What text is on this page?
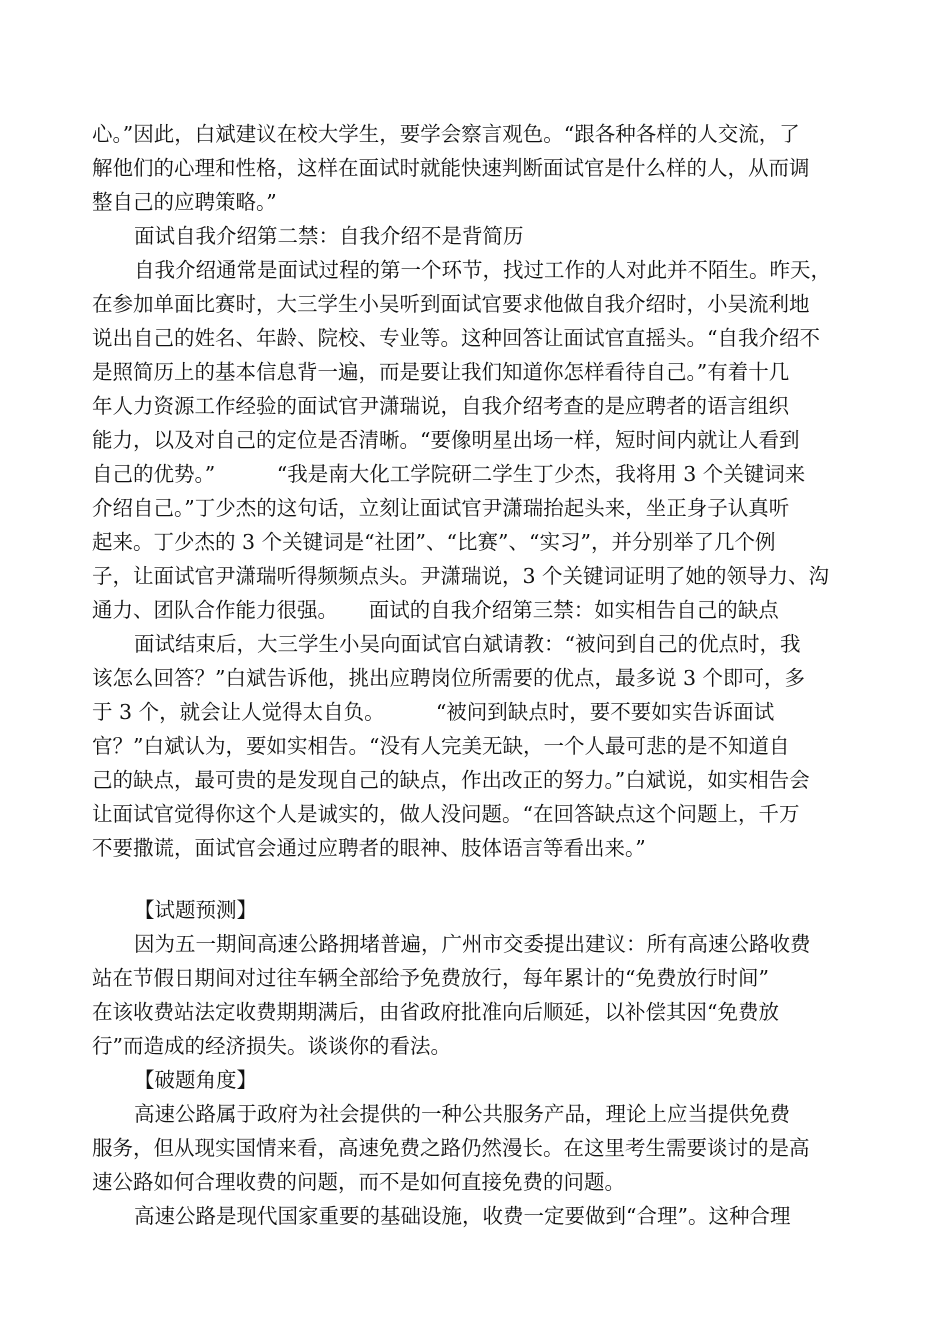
心。”因此，白斌建议在校大学生，要学会察言观色。“跟各种各样的人交流，了
解他们的心理和性格，这样在面试时就能快速判断面试官是什么样的人，从而调
整自己的应聘策略。”
面试自我介绍第二禁：自我介绍不是背简历
自我介绍通常是面试过程的第一个环节，找过工作的人对此并不陌生。昨天，
在参加单面比赛时，大三学生小吴听到面试官要求他做自我介绍时，小吴流利地
说出自己的姓名、年龄、院校、专业等。这种回答让面试官直摇头。“自我介绍不
是照简历上的基本信息背一遍，而是要让我们知道你怎样看待自己。”有着十几
年人力资源工作经验的面试官尹潇瑞说，自我介绍考查的是应聘者的语言组织
能力，以及对自己的定位是否清晰。“要像明星出场一样，短时间内就让人看到
自己的优势。”　　　“我是南大化工学院研二学生丁少杰，我将用 3 个关键词来
介绍自己。”丁少杰的这句话，立刻让面试官尹潇瑞抬起头来，坐正身子认真听
起来。丁少杰的 3 个关键词是“社团”、“比赛”、“实习”，并分别举了几个例
子，让面试官尹潇瑞听得频频点头。尹潇瑞说，3 个关键词证明了她的领导力、沟
通力、团队合作能力很强。　　面试的自我介绍第三禁：如实相告自己的缺点
面试结束后，大三学生小吴向面试官白斌请教：“被问到自己的优点时，我
该怎么回答？”白斌告诉他，挑出应聘岗位所需要的优点，最多说 3 个即可，多
于 3 个，就会让人觉得太自负。　　　“被问到缺点时，要不要如实告诉面试
官？”白斌认为，要如实相告。“没有人完美无缺，一个人最可悲的是不知道自
己的缺点，最可贵的是发现自己的缺点，作出改正的努力。”白斌说，如实相告会
让面试官觉得你这个人是诚实的，做人没问题。“在回答缺点这个问题上，千万
不要撒谎，面试官会通过应聘者的眼神、肢体语言等看出来。”
【试题预测】
因为五一期间高速公路拥堵普遍，广州市交委提出建议：所有高速公路收费
站在节假日期间对过往车辆全部给予免费放行，每年累计的“免费放行时间”
在该收费站法定收费期期满后，由省政府批准向后顺延，以补偿其因“免费放
行”而造成的经济损失。谈谈你的看法。
【破题角度】
高速公路属于政府为社会提供的一种公共服务产品，理论上应当提供免费
服务，但从现实国情来看，高速免费之路仍然漫长。在这里考生需要谈讨的是高
速公路如何合理收费的问题，而不是如何直接免费的问题。
高速公路是现代国家重要的基础设施，收费一定要做到“合理”。这种合理
